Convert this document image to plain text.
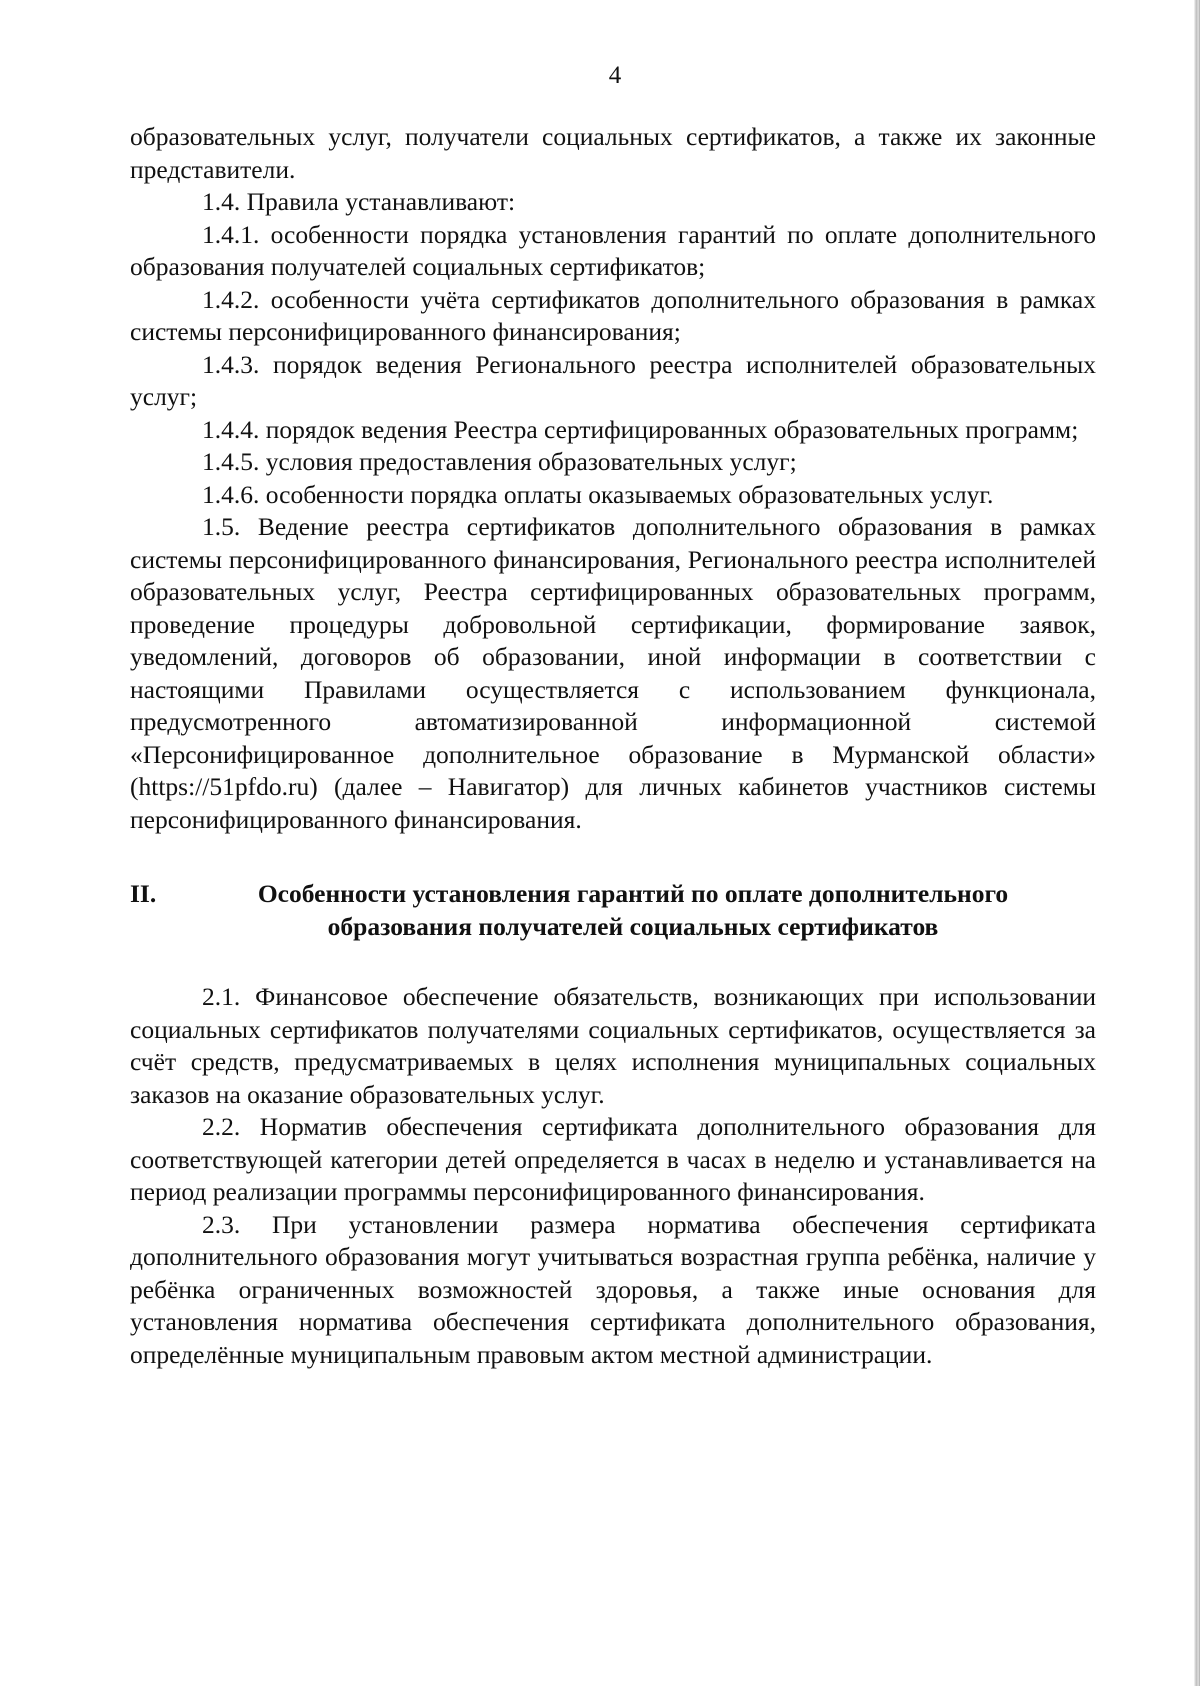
4

образовательных услуг, получатели социальных сертификатов, а также их законные представители.

1.4. Правила устанавливают:

1.4.1. особенности порядка установления гарантий по оплате дополнительного образования получателей социальных сертификатов;

1.4.2. особенности учёта сертификатов дополнительного образования в рамках системы персонифицированного финансирования;

1.4.3. порядок ведения Регионального реестра исполнителей образовательных услуг;

1.4.4. порядок ведения Реестра сертифицированных образовательных программ;

1.4.5. условия предоставления образовательных услуг;

1.4.6. особенности порядка оплаты оказываемых образовательных услуг.

1.5. Ведение реестра сертификатов дополнительного образования в рамках системы персонифицированного финансирования, Регионального реестра исполнителей образовательных услуг, Реестра сертифицированных образовательных программ, проведение процедуры добровольной сертификации, формирование заявок, уведомлений, договоров об образовании, иной информации в соответствии с настоящими Правилами осуществляется с использованием функционала, предусмотренного автоматизированной информационной системой «Персонифицированное дополнительное образование в Мурманской области» (https://51pfdo.ru) (далее – Навигатор) для личных кабинетов участников системы персонифицированного финансирования.

II.	Особенности установления гарантий по оплате дополнительного образования получателей социальных сертификатов

2.1. Финансовое обеспечение обязательств, возникающих при использовании социальных сертификатов получателями социальных сертификатов, осуществляется за счёт средств, предусматриваемых в целях исполнения муниципальных социальных заказов на оказание образовательных услуг.

2.2. Норматив обеспечения сертификата дополнительного образования для соответствующей категории детей определяется в часах в неделю и устанавливается на период реализации программы персонифицированного финансирования.

2.3. При установлении размера норматива обеспечения сертификата дополнительного образования могут учитываться возрастная группа ребёнка, наличие у ребёнка ограниченных возможностей здоровья, а также иные основания для установления норматива обеспечения сертификата дополнительного образования, определённые муниципальным правовым актом местной администрации.
